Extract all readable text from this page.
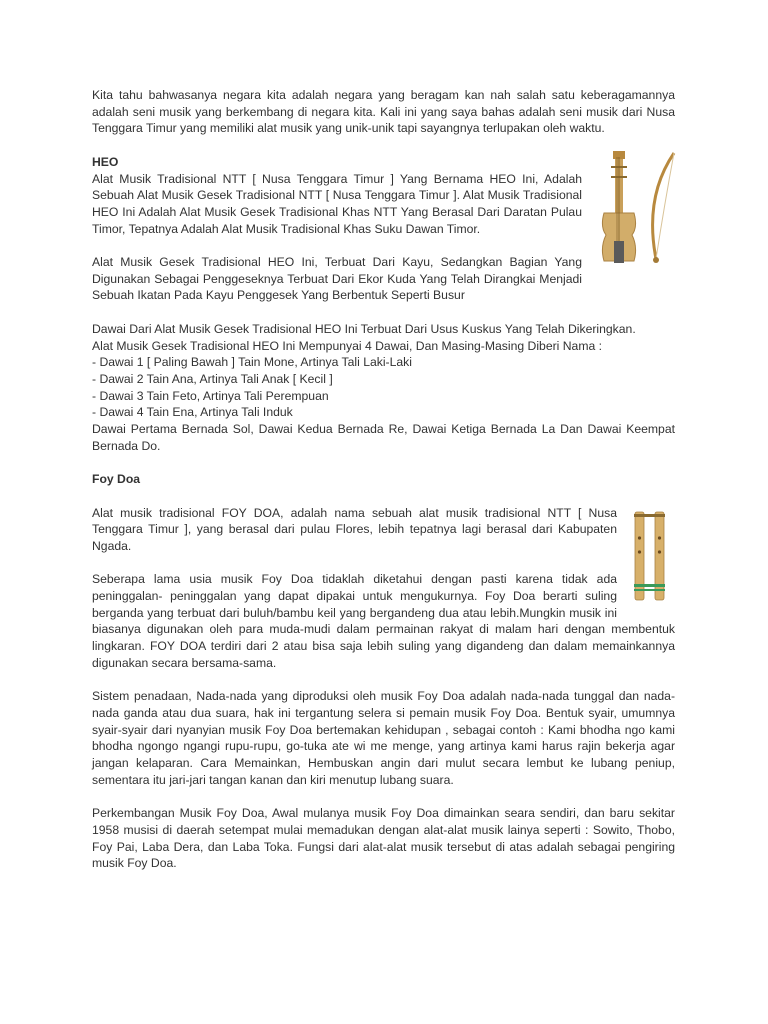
Kita tahu bahwasanya negara kita adalah negara yang beragam kan nah salah satu keberagamannya adalah seni musik yang berkembang di negara kita. Kali ini yang saya bahas adalah seni musik dari Nusa Tenggara Timur yang memiliki alat musik yang unik-unik tapi sayangnya terlupakan oleh waktu.

HEO

Alat Musik Tradisional NTT [ Nusa Tenggara Timur ] Yang Bernama HEO Ini, Adalah Sebuah Alat Musik Gesek Tradisional NTT [ Nusa Tenggara Timur ]. Alat Musik Tradisional HEO Ini Adalah Alat Musik Gesek Tradisional Khas NTT Yang Berasal Dari Daratan Pulau Timor, Tepatnya Adalah Alat Musik Tradisional Khas Suku Dawan Timor.

Alat Musik Gesek Tradisional HEO Ini, Terbuat Dari Kayu, Sedangkan Bagian Yang Digunakan Sebagai Penggeseknya Terbuat Dari Ekor Kuda Yang Telah Dirangkai Menjadi Sebuah Ikatan Pada Kayu Penggesek Yang Berbentuk Seperti Busur

Dawai Dari Alat Musik Gesek Tradisional HEO Ini Terbuat Dari Usus Kuskus Yang Telah Dikeringkan.

Alat Musik Gesek Tradisional HEO Ini Mempunyai 4 Dawai, Dan Masing-Masing Diberi Nama :

- Dawai 1 [ Paling Bawah ] Tain Mone, Artinya Tali Laki-Laki
- Dawai 2 Tain Ana, Artinya Tali Anak [ Kecil ]
- Dawai 3 Tain Feto, Artinya Tali Perempuan
- Dawai 4 Tain Ena, Artinya Tali Induk

Dawai Pertama Bernada Sol, Dawai Kedua Bernada Re, Dawai Ketiga Bernada La Dan Dawai Keempat Bernada Do.

Foy Doa

Alat musik tradisional FOY DOA, adalah nama sebuah alat musik tradisional NTT [ Nusa Tenggara Timur ], yang berasal dari pulau Flores, lebih tepatnya lagi berasal dari Kabupaten Ngada.

Seberapa lama usia musik Foy Doa tidaklah diketahui dengan pasti karena tidak ada peninggalan- peninggalan yang dapat dipakai untuk mengukurnya. Foy Doa berarti suling berganda yang terbuat dari buluh/bambu keil yang bergandeng dua atau lebih.Mungkin musik ini biasanya digunakan oleh para muda-mudi dalam permainan rakyat di malam hari dengan membentuk lingkaran. FOY DOA terdiri dari 2 atau bisa saja lebih suling yang digandeng dan dalam memainkannya digunakan secara bersama-sama.

Sistem penadaan, Nada-nada yang diproduksi oleh musik Foy Doa adalah nada-nada tunggal dan nada-nada ganda atau dua suara, hak ini tergantung selera si pemain musik Foy Doa. Bentuk syair, umumnya syair-syair dari nyanyian musik Foy Doa bertemakan kehidupan , sebagai contoh : Kami bhodha ngo kami bhodha ngongo ngangi rupu-rupu, go-tuka ate wi me menge, yang artinya kami harus rajin bekerja agar jangan kelaparan. Cara Memainkan, Hembuskan angin dari mulut secara lembut ke lubang peniup, sementara itu jari-jari tangan kanan dan kiri menutup lubang suara.

Perkembangan Musik Foy Doa, Awal mulanya musik Foy Doa dimainkan seara sendiri, dan baru sekitar 1958 musisi di daerah setempat mulai memadukan dengan alat-alat musik lainya seperti : Sowito, Thobo, Foy Pai, Laba Dera, dan Laba Toka. Fungsi dari alat-alat musik tersebut di atas adalah sebagai pengiring musik Foy Doa.
